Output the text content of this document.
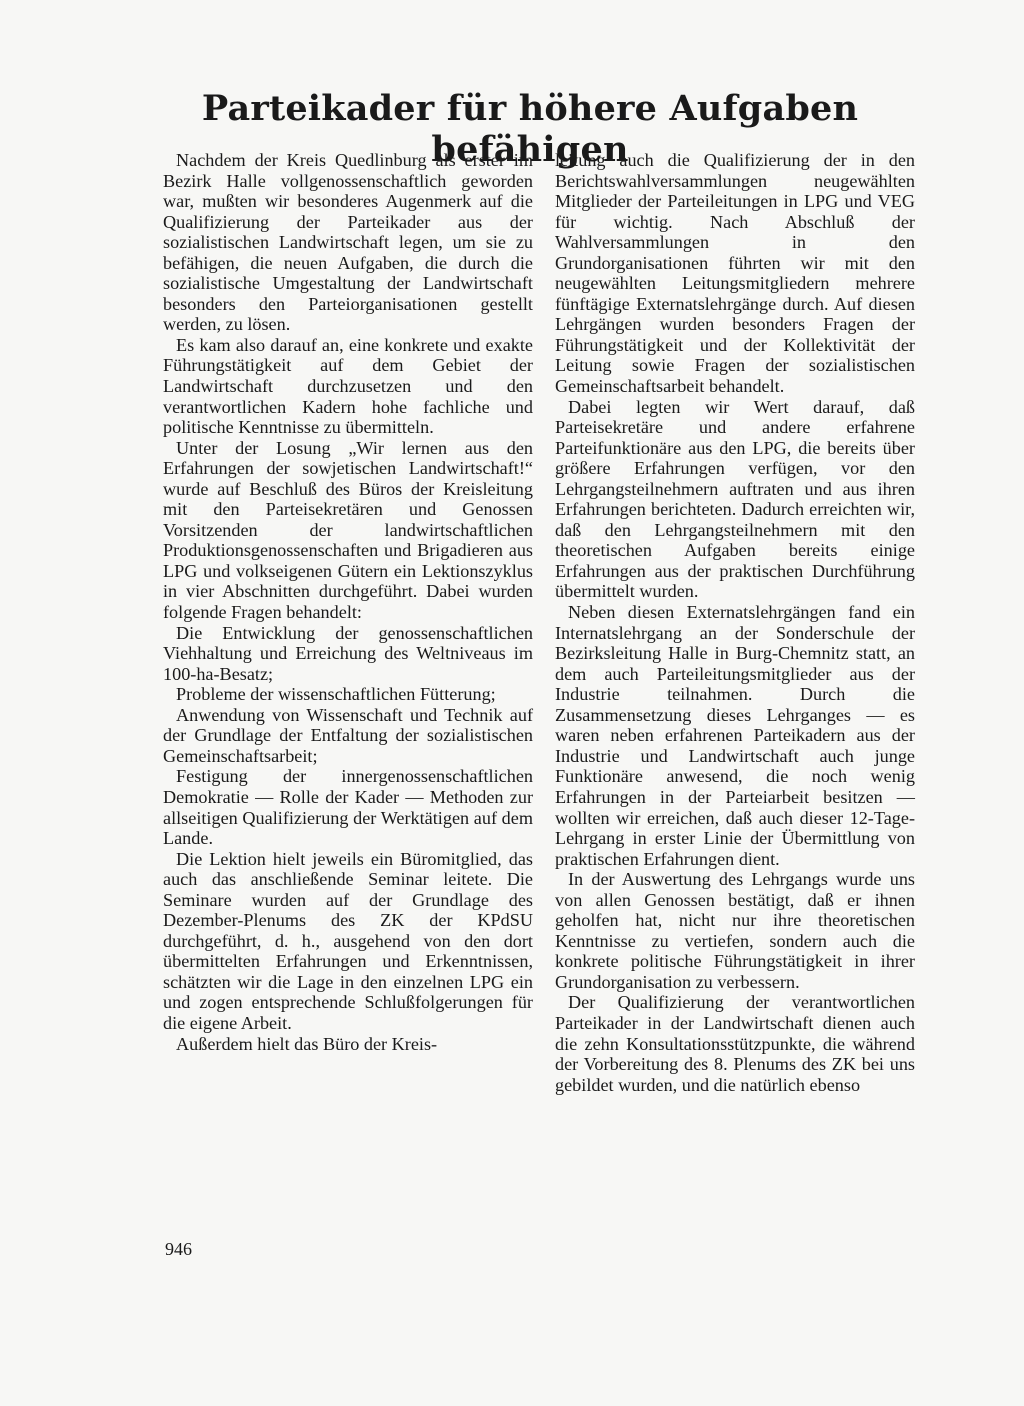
Parteikader für höhere Aufgaben befähigen

Nachdem der Kreis Quedlinburg als erster im Bezirk Halle vollgenossenschaftlich geworden war, mußten wir besonderes Augenmerk auf die Qualifizierung der Parteikader aus der sozialistischen Landwirtschaft legen, um sie zu befähigen, die neuen Aufgaben, die durch die sozialistische Umgestaltung der Landwirtschaft besonders den Parteiorganisationen gestellt werden, zu lösen.

Es kam also darauf an, eine konkrete und exakte Führungstätigkeit auf dem Gebiet der Landwirtschaft durchzusetzen und den verantwortlichen Kadern hohe fachliche und politische Kenntnisse zu übermitteln.

Unter der Losung „Wir lernen aus den Erfahrungen der sowjetischen Landwirtschaft!“ wurde auf Beschluß des Büros der Kreisleitung mit den Parteisekretären und Genossen Vorsitzenden der landwirtschaftlichen Produktionsgenossenschaften und Brigadieren aus LPG und volkseigenen Gütern ein Lektionszyklus in vier Abschnitten durchgeführt. Dabei wurden folgende Fragen behandelt:

Die Entwicklung der genossenschaftlichen Viehhaltung und Erreichung des Weltniveaus im 100-ha-Besatz;

Probleme der wissenschaftlichen Fütterung;

Anwendung von Wissenschaft und Technik auf der Grundlage der Entfaltung der sozialistischen Gemeinschaftsarbeit;

Festigung der innergenossenschaftlichen Demokratie — Rolle der Kader — Methoden zur allseitigen Qualifizierung der Werktätigen auf dem Lande.

Die Lektion hielt jeweils ein Büromitglied, das auch das anschließende Seminar leitete. Die Seminare wurden auf der Grundlage des Dezember-Plenums des ZK der KPdSU durchgeführt, d. h., ausgehend von den dort übermittelten Erfahrungen und Erkenntnissen, schätzten wir die Lage in den einzelnen LPG ein und zogen entsprechende Schlußfolgerungen für die eigene Arbeit.

Außerdem hielt das Büro der Kreis-

leitung auch die Qualifizierung der in den Berichtswahlversammlungen neugewählten Mitglieder der Parteileitungen in LPG und VEG für wichtig. Nach Abschluß der Wahlversammlungen in den Grundorganisationen führten wir mit den neugewählten Leitungsmitgliedern mehrere fünftägige Externatslehrgänge durch. Auf diesen Lehrgängen wurden besonders Fragen der Führungstätigkeit und der Kollektivität der Leitung sowie Fragen der sozialistischen Gemeinschaftsarbeit behandelt.

Dabei legten wir Wert darauf, daß Parteisekretäre und andere erfahrene Parteifunktionäre aus den LPG, die bereits über größere Erfahrungen verfügen, vor den Lehrgangsteilnehmern auftraten und aus ihren Erfahrungen berichteten. Dadurch erreichten wir, daß den Lehrgangsteilnehmern mit den theoretischen Aufgaben bereits einige Erfahrungen aus der praktischen Durchführung übermittelt wurden.

Neben diesen Externatslehrgängen fand ein Internatslehrgang an der Sonderschule der Bezirksleitung Halle in Burg-Chemnitz statt, an dem auch Parteileitungsmitglieder aus der Industrie teilnahmen. Durch die Zusammensetzung dieses Lehrganges — es waren neben erfahrenen Parteikadern aus der Industrie und Landwirtschaft auch junge Funktionäre anwesend, die noch wenig Erfahrungen in der Parteiarbeit besitzen — wollten wir erreichen, daß auch dieser 12-Tage-Lehrgang in erster Linie der Übermittlung von praktischen Erfahrungen dient.

In der Auswertung des Lehrgangs wurde uns von allen Genossen bestätigt, daß er ihnen geholfen hat, nicht nur ihre theoretischen Kenntnisse zu vertiefen, sondern auch die konkrete politische Führungstätigkeit in ihrer Grundorganisation zu verbessern.

Der Qualifizierung der verantwortlichen Parteikader in der Landwirtschaft dienen auch die zehn Konsultationsstützpunkte, die während der Vorbereitung des 8. Plenums des ZK bei uns gebildet wurden, und die natürlich ebenso

946
